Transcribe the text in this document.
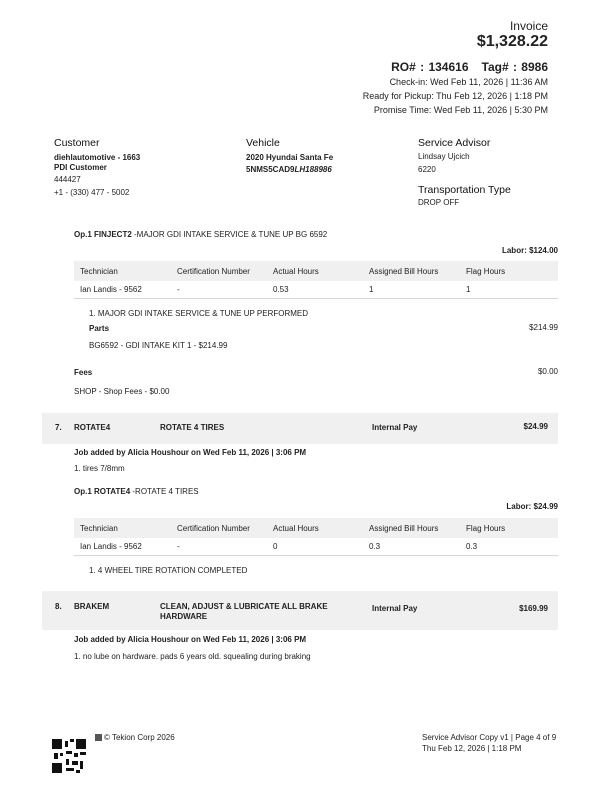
Invoice
$1,328.22
RO# : 134616 Tag# : 8986
Check-in: Wed Feb 11, 2026 | 11:36 AM
Ready for Pickup: Thu Feb 12, 2026 | 1:18 PM
Promise Time: Wed Feb 11, 2026 | 5:30 PM
Customer
diehlautomotive - 1663
PDI Customer
444427
+1 - (330) 477 - 5002
Vehicle
2020 Hyundai Santa Fe
5NMS5CAD9LH188986
Service Advisor
Lindsay Ujcich
6220
Transportation Type
DROP OFF
Op.1 FINJECT2 -MAJOR GDI INTAKE SERVICE & TUNE UP BG 6592
Labor: $124.00
Technician	Certification Number	Actual Hours	Assigned Bill Hours	Flag Hours
Ian Landis - 9562	-	0.53	1	1
1. MAJOR GDI INTAKE SERVICE & TUNE UP PERFORMED
Parts	$214.99
BG6592 - GDI INTAKE KIT 1 - $214.99
Fees	$0.00
SHOP - Shop Fees - $0.00
7. ROTATE4	ROTATE 4 TIRES	Internal Pay	$24.99
Job added by Alicia Houshour on Wed Feb 11, 2026 | 3:06 PM
1. tires 7/8mm
Op.1 ROTATE4 -ROTATE 4 TIRES
Labor: $24.99
Technician	Certification Number	Actual Hours	Assigned Bill Hours	Flag Hours
Ian Landis - 9562	-	0	0.3	0.3
1. 4 WHEEL TIRE ROTATION COMPLETED
8. BRAKEM	CLEAN, ADJUST & LUBRICATE ALL BRAKE
HARDWARE
Internal Pay	$169.99
Job added by Alicia Houshour on Wed Feb 11, 2026 | 3:06 PM
1. no lube on hardware. pads 6 years old. squealing during braking
© Tekion Corp 2026	Service Advisor Copy v1 | Page 4 of 9
Thu Feb 12, 2026 | 1:18 PM
